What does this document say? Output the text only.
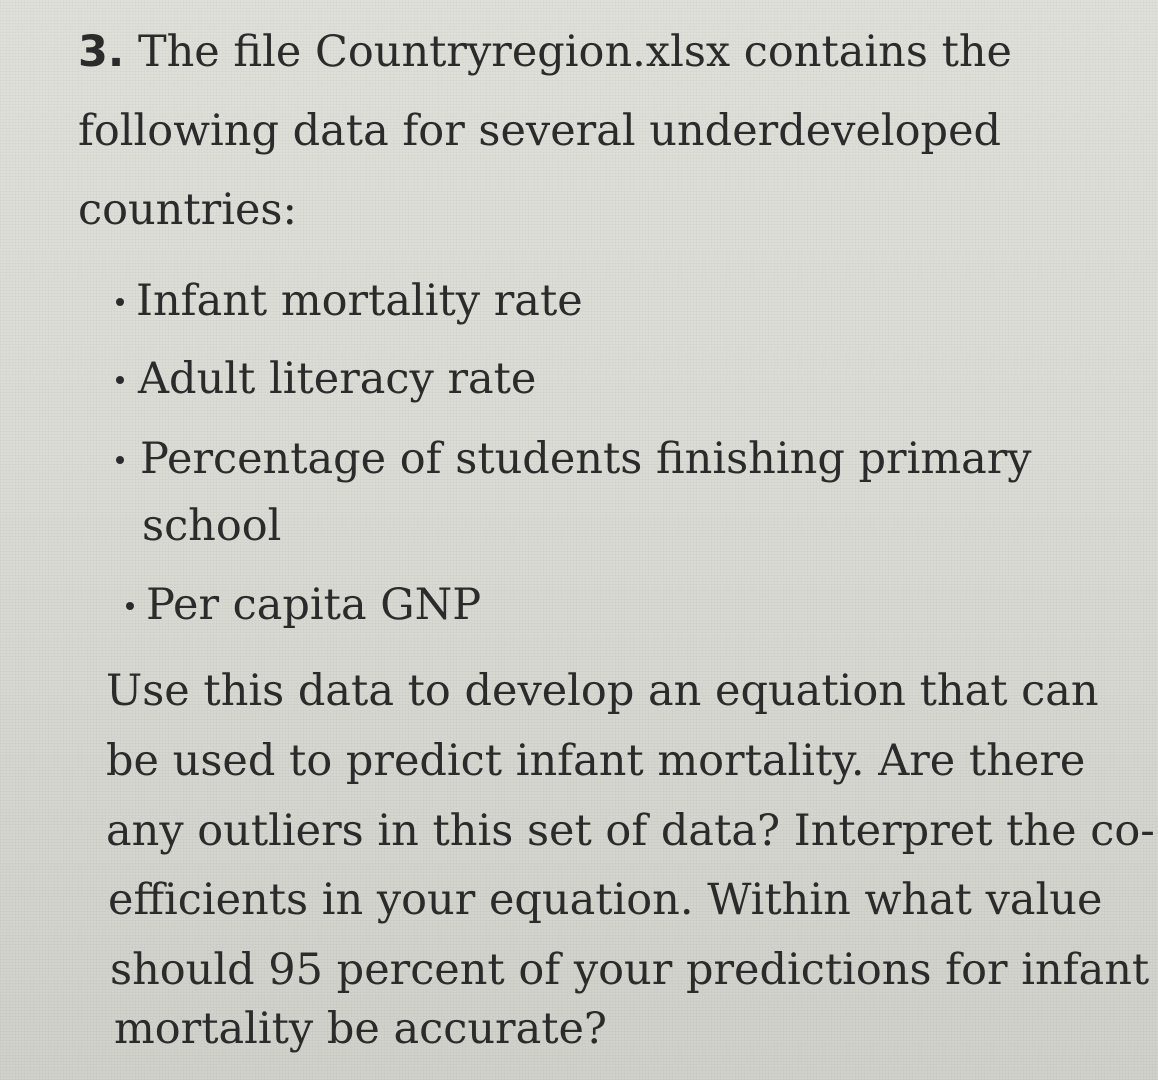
3. The file Countryregion.xlsx contains the
following data for several underdeveloped
countries:
Infant mortality rate
Adult literacy rate
Percentage of students finishing primary
school
Per capita GNP
Use this data to develop an equation that can
be used to predict infant mortality. Are there
any outliers in this set of data? Interpret the co-
efficients in your equation. Within what value
should 95 percent of your predictions for infant
mortality be accurate?
